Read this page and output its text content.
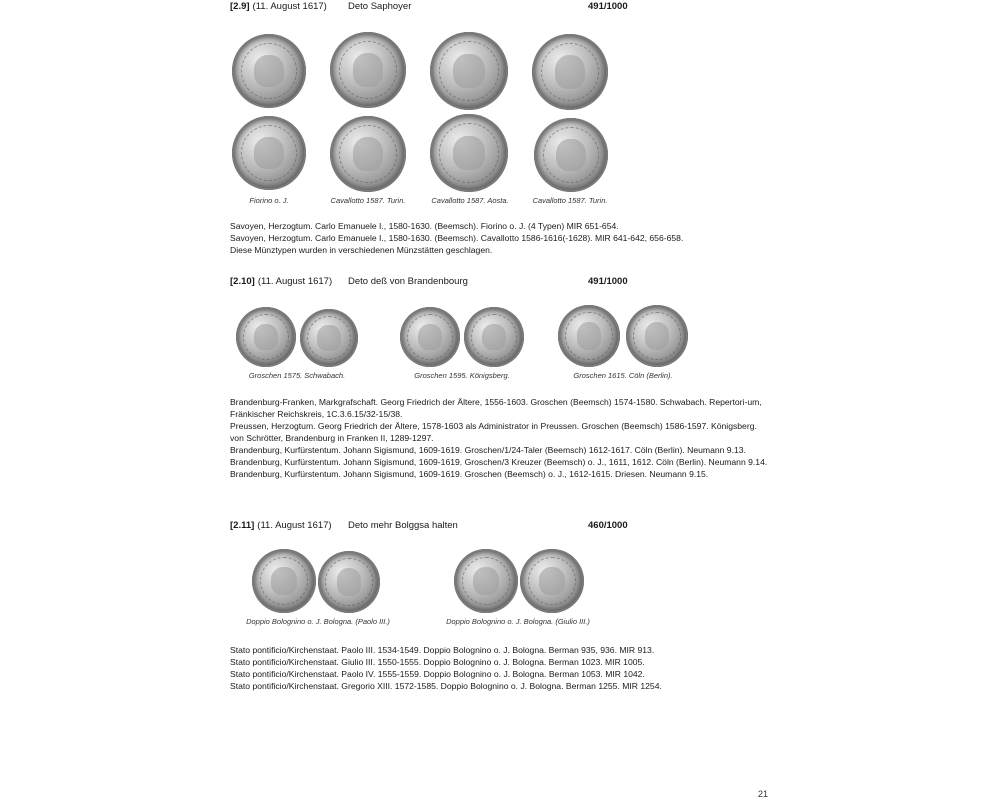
[2.9] (11. August 1617) Deto Saphoyer	491/1000
Fiorino o. J.	Cavallotto 1587. Turin.	Cavallotto 1587. Aosta.	Cavallotto 1587. Turin.

Savoyen, Herzogtum. Carlo Emanuele I., 1580-1630. (Beemsch). Fiorino o. J. (4 Typen) MIR 651-654.

Savoyen, Herzogtum. Carlo Emanuele I., 1580-1630. (Beemsch). Cavallotto 1586-1616(-1628). MIR 641-642, 656-658.

Diese Münztypen wurden in verschiedenen Münzstätten geschlagen.

[2.10] (11. August 1617) Deto deß von Brandenbourg	491/1000
Groschen 1575. Schwabach.	Groschen 1595. Königsberg.	Groschen 1615. Cöln (Berlin).

Brandenburg-Franken, Markgrafschaft. Georg Friedrich der Ältere, 1556-1603. Groschen (Beemsch) 1574-1580. Schwabach. Repertori-um, Fränkischer Reichskreis, 1C.3.6.15/32-15/38.

Preussen, Herzogtum. Georg Friedrich der Ältere, 1578-1603 als Administrator in Preussen. Groschen (Beemsch) 1586-1597. Königsberg. von Schrötter, Brandenburg in Franken II, 1289-1297.

Brandenburg, Kurfürstentum. Johann Sigismund, 1609-1619. Groschen/1/24-Taler (Beemsch) 1612-1617. Cöln (Berlin). Neumann 9.13.

Brandenburg, Kurfürstentum. Johann Sigismund, 1609-1619. Groschen/3 Kreuzer (Beemsch) o. J., 1611, 1612. Cöln (Berlin). Neumann 9.14.

Brandenburg, Kurfürstentum. Johann Sigismund, 1609-1619. Groschen (Beemsch) o. J., 1612-1615. Driesen. Neumann 9.15.

[2.11] (11. August 1617) Deto mehr Bolggsa halten	460/1000
Doppio Bolognino o. J. Bologna. (Paolo III.)	Doppio Bolognino o. J. Bologna. (Giulio III.)

Stato pontificio/Kirchenstaat. Paolo III. 1534-1549. Doppio Bolognino o. J. Bologna. Berman 935, 936. MIR 913.

Stato pontificio/Kirchenstaat. Giulio III. 1550-1555. Doppio Bolognino o. J. Bologna. Berman 1023. MIR 1005.

Stato pontificio/Kirchenstaat. Paolo IV. 1555-1559. Doppio Bolognino o. J. Bologna. Berman 1053. MIR 1042.

Stato pontificio/Kirchenstaat. Gregorio XIII. 1572-1585. Doppio Bolognino o. J. Bologna. Berman 1255. MIR 1254.

21
